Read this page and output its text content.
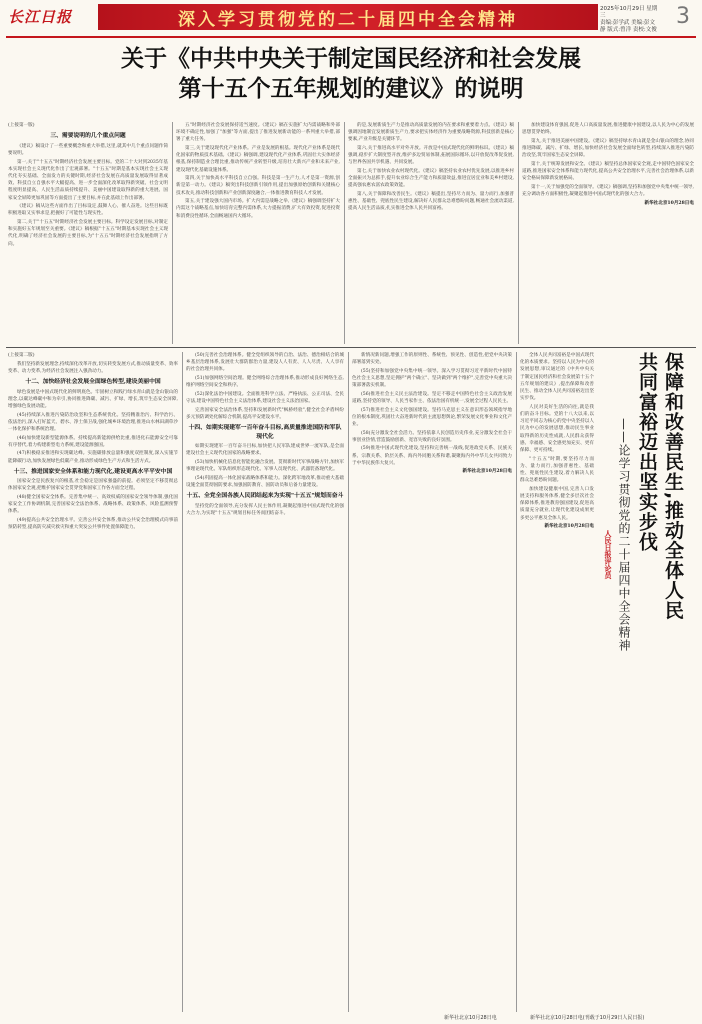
长江日报	深入学习贯彻党的二十届四中全会精神
2025年10月29日 星期三
责编:彭学武 美编:彭文静 版式:曾洋 责校:文俊
3
关于《中共中央关于制定国民经济和社会发展
第十五个五年规划的建议》的说明

(上接第一版)

三、需要说明的几个重点问题

《建议》稿设计了一些重要概念和重大举措,这里,就其中几个重点问题作简要说明。

第一,关于"十五五"时期经济社会发展主要目标。党的二十大对到2035年基本实现社会主义现代化作出了宏观部署。"十五五"时期是基本实现社会主义现代化夯实基础、全面发力的关键时期,经济社会发展在高质量发展取得显著成效、科技自立自强水平大幅提高、进一步全面深化改革取得新突破、社会文明程度明显提高、人民生活品质持续提升、美丽中国建设取得新的重大进展、国家安全屏障更加巩固等方面提出了主要目标,并在此基础上作出部署。

《建议》稿从这些方面作出了目标设定,鼓舞人心、催人奋进。这些目标既积极进取又实事求是,把握好了可能性与现实性。

第二,关于"十五五"时期经济社会发展主要目标。科学设定发展目标,对制定和实施好五年规划至关重要。《建议》稿根据"十五五"时期基本实现社会主义现代化,明确了经济社会发展的主要目标,为"十五五"时期经济社会发展指明了方向。

五"时期经济社会发展保持适当速度。《建议》稿在实施扩大内需战略和外部环境不确定性,加强了"加强"等方面,提出了推进发展新动能的一系列重大举措,部署了重大任务。

第三,关于建设现代化产业体系。产业是发展的根基。现代化产业体系是现代化国家的物质技术基础。《建议》稿强调,建设现代化产业体系,巩固壮大实体经济根基,保持制造业合理比重,推动传统产业转型升级,培育壮大新兴产业和未来产业,建设现代化基础设施体系。

第四,关于加快高水平科技自立自强。科技是第一生产力,人才是第一资源,创新是第一动力。《建议》稿突出科技创新引领作用,提出加强原始创新和关键核心技术攻关,推动科技创新和产业创新深度融合,一体推进教育科技人才发展。

第五,关于建设强大国内市场。扩大内需是战略之举,《建议》稿强调坚持扩大内需这个战略基点,加快培育完整内需体系,大力提振消费,扩大有效投资,促进投资和消费良性循环,全面畅通国内大循环。

的是,发展新质生产力是推动高质量发展的内在要求和重要着力点。《建议》稿强调因地制宜发展新质生产力,要求把实体经济作为重要战略资源,科技创新是核心要素,产业升级是关键环节。

第六,关于推进高水平对外开放。开放是中国式现代化的鲜明标识。《建议》稿强调,稳步扩大制度型开放,维护多边贸易体制,拓展国际循环,以开放促改革促发展,与世界各国共享机遇、共同发展。

第七,关于加快农业农村现代化。《建议》稿坚持农业农村优先发展,以推进乡村全面振兴为总抓手,提升农业综合生产能力和质量效益,推进宜居宜业和美乡村建设,提高强农惠农富农政策效能。

第八,关于保障和改善民生。《建议》稿提出,坚持尽力而为、量力而行,加强普惠性、基础性、兜底性民生建设,解决好人民群众急难愁盼问题,畅通社会流动渠道,提高人民生活品质,扎实推进全体人民共同富裕。

加快建设体育强国,促进人口高质量发展,推进健康中国建设,以人民为中心的发展思想贯穿始终。

第九,关于推进美丽中国建设。《建议》稿坚持绿水青山就是金山银山的理念,协同推进降碳、减污、扩绿、增长,加快经济社会发展全面绿色转型,持续深入推进污染防治攻坚,筑牢国家生态安全屏障。

第十,关于统筹发展和安全。《建议》稿坚持总体国家安全观,走中国特色国家安全道路,推进国家安全体系和能力现代化,提高公共安全治理水平,完善社会治理体系,以新安全格局保障新发展格局。

第十一,关于加强党的全面领导。《建议》稿强调,坚持和加强党中央集中统一领导,充分调动各方面积极性,凝聚起推进中国式现代化的强大合力。

新华社北京10月28日电

(上接第二版)

我们坚持新发展理念,持续深化改革开放,切实转变发展方式,推动质量变革、效率变革、动力变革,为经济社会发展注入强劲动力。

十二、加快经济社会发展全面绿色转型,建设美丽中国

绿色发展是中国式现代化的鲜明底色。牢固树立和践行绿水青山就是金山银山的理念,以碳达峰碳中和为牵引,协同推进降碳、减污、扩绿、增长,筑牢生态安全屏障,增强绿色发展动能。

(45)持续深入推进污染防治攻坚和生态系统优化。坚持精准治污、科学治污、依法治污,深入打好蓝天、碧水、净土保卫战,强化城乡环境治理,推进山水林田湖草沙一体化保护和系统治理。

(46)加快建设新型能源体系。持续提高新能源供给比重,推进化石能源安全可靠有序替代,着力构建新型电力系统,建设能源强国。

(47)积极稳妥推进和实现碳达峰。实施碳排放总量和强度双控制度,深入实施节能降碳行动,加快发展绿色低碳产业,推动形成绿色生产方式和生活方式。

十三、推进国家安全体系和能力现代化,建设更高水平平安中国

国家安全是民族复兴的根基,社会稳定是国家强盛的前提。必须坚定不移贯彻总体国家安全观,把维护国家安全贯穿党和国家工作各方面全过程。

(48)健全国家安全体系。完善集中统一、高效权威的国家安全领导体制,强化国家安全工作协调机制,完善国家安全法治体系、战略体系、政策体系、风险监测预警体系。

(49)提高公共安全治理水平。完善公共安全体系,推动公共安全治理模式向事前预防转型,提高防灾减灾救灾和重大突发公共事件处置保障能力。

(50)完善社会治理体系。健全党组织领导的自治、法治、德治相结合的城乡基层治理体系,发展壮大群防群治力量,建设人人有责、人人尽责、人人享有的社会治理共同体。

(51)加强网络空间治理。健全网络综合治理体系,推动形成良好网络生态,维护网络空间安全和秩序。

(52)深化法治中国建设。全面推进科学立法、严格执法、公正司法、全民守法,建设中国特色社会主义法治体系,建设社会主义法治国家。

完善国家安全法治体系,坚持和发展新时代"枫桥经验",健全社会矛盾纠纷多元预防调处化解综合机制,提高平安建设水平。

十四、如期实现建军一百年奋斗目标,高质量推进国防和军队现代化

如期实现建军一百年奋斗目标,加快把人民军队建成世界一流军队,是全面建设社会主义现代化国家的战略要求。

(53)加快机械化信息化智能化融合发展。贯彻新时代军事战略方针,加快军事理论现代化、军队组织形态现代化、军事人员现代化、武器装备现代化。

(54)巩固提高一体化国家战略体系和能力。深化跨军地改革,推动重大基础设施全面贯彻国防要求,加强国防教育、国防动员和后备力量建设。

十五、全党全国各族人民团结起来为实现"十五五"规划而奋斗

坚持党的全面领导,充分发挥人民主体作用,凝聚起推进中国式现代化的强大合力,为实现"十五五"规划目标任务而团结奋斗。

新情况新问题,增强工作的原则性、系统性、预见性、创造性,把党中央决策部署落到实处。

(55)坚持和加强党中央集中统一领导。深入学习贯彻习近平新时代中国特色社会主义思想,坚定拥护"两个确立"、坚决做到"两个维护",完善党中央重大决策部署落实机制。

(56)推进社会主义民主法治建设。坚定不移走中国特色社会主义政治发展道路,坚持党的领导、人民当家作主、依法治国有机统一,发展全过程人民民主。

(57)推进社会主义文化强国建设。坚持马克思主义在意识形态领域指导地位的根本制度,巩固壮大奋进新时代的主流思想舆论,繁荣发展文化事业和文化产业。

(58)充分激发全社会活力。坚持依靠人民创造历史伟业,充分激发全社会干事创业热情,营造鼓励创新、宽容失败的良好氛围。

(59)推进中国式现代化建设,坚持和完善统一战线,促进政党关系、民族关系、宗教关系、阶层关系、海内外同胞关系和谐,凝聚海内外中华儿女共同致力于中华民族伟大复兴。

新华社北京10月28日电	保障和改善民生,推动全体人民
共同富裕迈出坚实步伐
——论学习贯彻党的二十届四中全会精神
人民日报评论员

全体人民共同富裕是中国式现代化的本质要求。坚持以人民为中心的发展思想,审议通过的《中共中央关于制定国民经济和社会发展第十五个五年规划的建议》,提出保障和改善民生、推动全体人民共同富裕迈出坚实步伐。

人民对美好生活的向往,就是我们的奋斗目标。党的十八大以来,以习近平同志为核心的党中央坚持以人民为中心的发展思想,推动民生事业取得新的历史性成就,人民群众获得感、幸福感、安全感更加充实、更有保障、更可持续。

"十五五"时期,要坚持尽力而为、量力而行,加强普惠性、基础性、兜底性民生建设,着力解决人民群众急难愁盼问题。

加快建设健康中国,完善人口发展支持和服务体系,健全多层次社会保障体系,推进教育强国建设,促进高质量充分就业,让现代化建设成果更多更公平惠及全体人民。

新华社北京10月28日电

新华社北京10月28日电	新华社北京10月28日电(刊载于10月29日人民日报)
